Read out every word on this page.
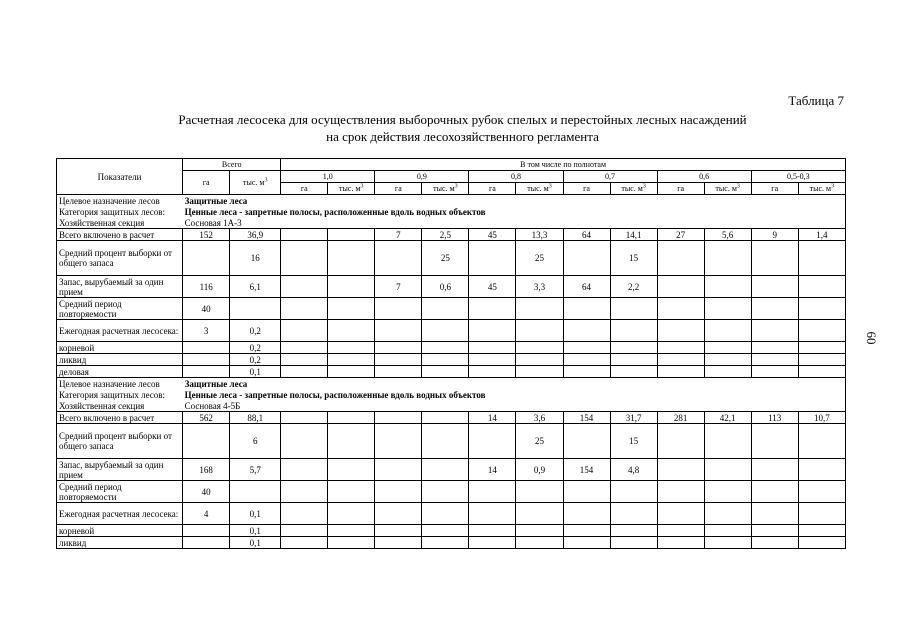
Таблица 7
Расчетная лесосека для осуществления выборочных рубок спелых и перестойных лесных насаждений
на срок действия лесохозяйственного регламента
60
Показатели	Всего		В том числе по полнотам											
	га	тыс. $м^3$	1,0		0,9		0,8		0,7		0,6		0,5-0,3	
			га	тыс. $м^3$	га	тыс. $м^3$	га	тыс. $м^3$	га	тыс. $м^3$	га	тыс. $м^3$	га	тыс. $м^3$
Целевое назначение лесов	Защитные леса													
Категория защитных лесов:	Ценные леса - запретные полосы, расположенные вдоль водных объектов													
Хозяйственная секция	Сосновая 1А-3													
Всего включено в расчет	152	36,9			7	2,5	45	13,3	64	14,1	27	5,6	9	1,4
Средний процент выборки от общего запаса		16				25		25		15				
Запас, вырубаемый за один прием	116	6,1			7	0,6	45	3,3	64	2,2				
Средний период повторяемости	40													
Ежегодная расчетная лесосека:	3	0,2												
корневой		0,2												
ликвид		0,2												
деловая		0,1												
Целевое назначение лесов	Защитные леса													
Категория защитных лесов:	Ценные леса - запретные полосы, расположенные вдоль водных объектов													
Хозяйственная секция	Сосновая 4-5Б													
Всего включено в расчет	562	88,1					14	3,6	154	31,7	281	42,1	113	10,7
Средний процент выборки от общего запаса		6						25		15				
Запас, вырубаемый за один прием	168	5,7					14	0,9	154	4,8				
Средний период повторяемости	40													
Ежегодная расчетная лесосека:	4	0,1												
корневой		0,1												
ликвид		0,1												
